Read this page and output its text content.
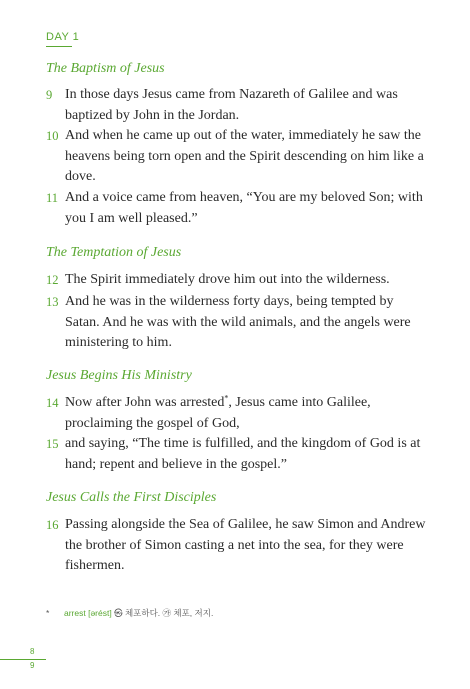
DAY 1
The Baptism of Jesus
9 In those days Jesus came from Nazareth of Galilee and was baptized by John in the Jordan.
10 And when he came up out of the water, immediately he saw the heavens being torn open and the Spirit descending on him like a dove.
11 And a voice came from heaven, “You are my beloved Son; with you I am well pleased.”
The Temptation of Jesus
12 The Spirit immediately drove him out into the wilderness.
13 And he was in the wilderness forty days, being tempted by Satan. And he was with the wild animals, and the angels were ministering to him.
Jesus Begins His Ministry
14 Now after John was arrested*, Jesus came into Galilee, proclaiming the gospel of God,
15 and saying, “The time is fulfilled, and the kingdom of God is at hand; repent and believe in the gospel.”
Jesus Calls the First Disciples
16 Passing alongside the Sea of Galilee, he saw Simon and Andrew the brother of Simon casting a net into the sea, for they were fishermen.
* arrest [ərést] ㉿ 체포하다. ㉮ 체포, 저지.
8
9
